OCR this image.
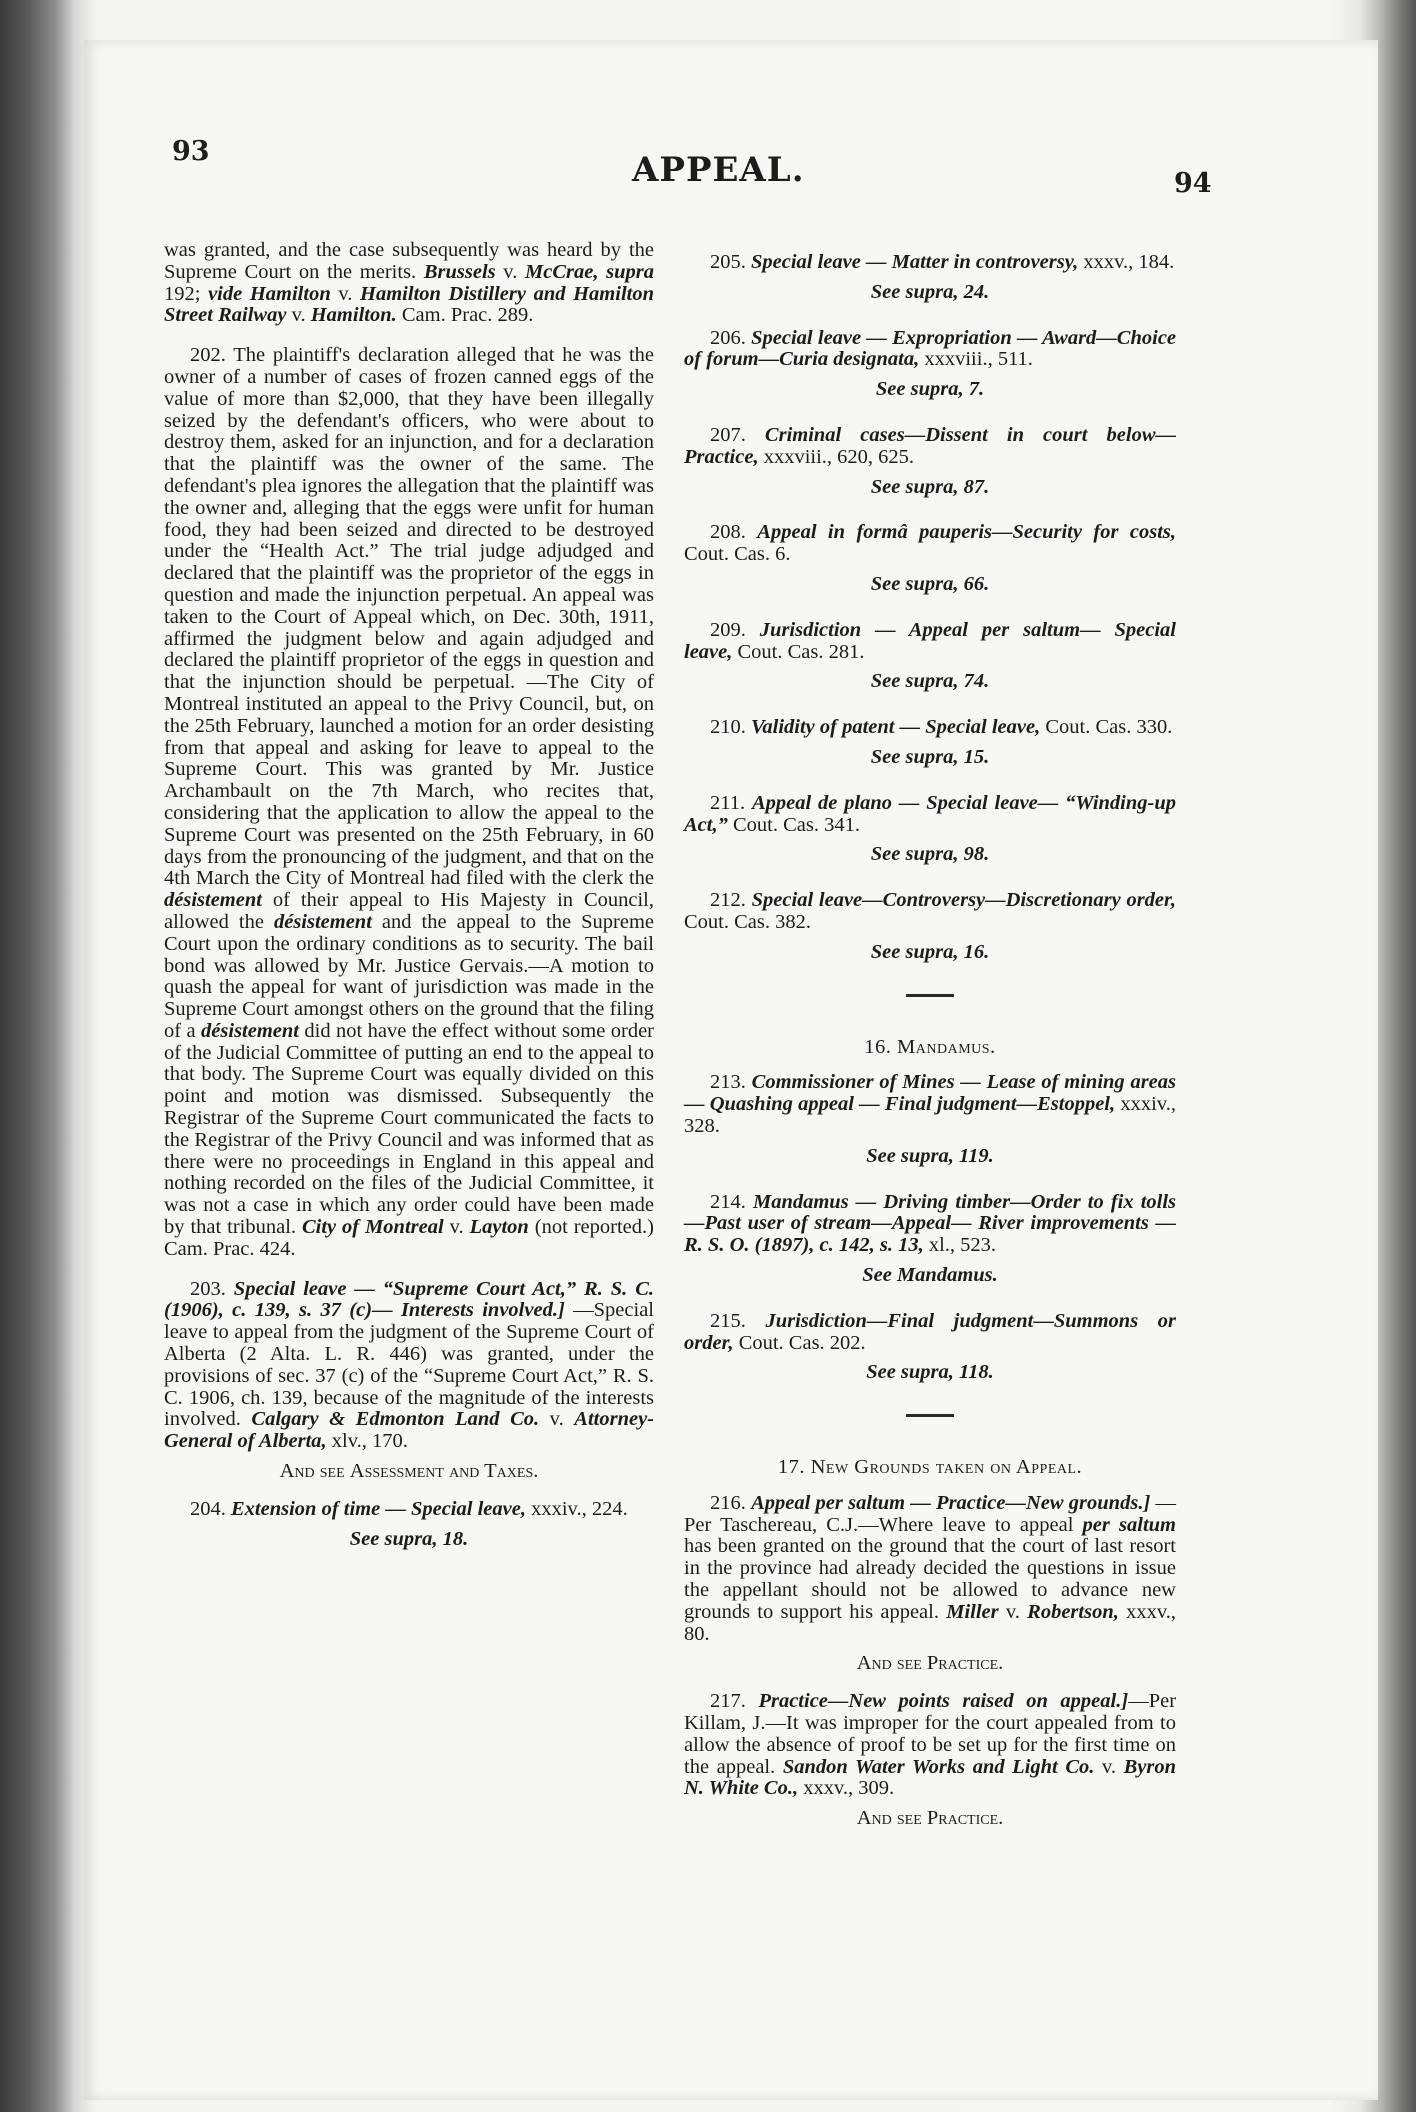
93	APPEAL.	94

was granted, and the case subsequently was heard by the Supreme Court on the merits. Brussels v. McCrae, supra 192; vide Hamilton v. Hamilton Distillery and Hamilton Street Railway v. Hamilton. Cam. Prac. 289.

202. The plaintiff's declaration alleged that he was the owner of a number of cases of frozen canned eggs of the value of more than $2,000, that they have been illegally seized by the defendant's officers, who were about to destroy them, asked for an injunction, and for a declaration that the plaintiff was the owner of the same. The defendant's plea ignores the allegation that the plaintiff was the owner and, alleging that the eggs were unfit for human food, they had been seized and directed to be destroyed under the “Health Act.” The trial judge adjudged and declared that the plaintiff was the proprietor of the eggs in question and made the injunction perpetual. An appeal was taken to the Court of Appeal which, on Dec. 30th, 1911, affirmed the judgment below and again adjudged and declared the plaintiff proprietor of the eggs in question and that the injunction should be perpetual. —The City of Montreal instituted an appeal to the Privy Council, but, on the 25th February, launched a motion for an order desisting from that appeal and asking for leave to appeal to the Supreme Court. This was granted by Mr. Justice Archambault on the 7th March, who recites that, considering that the application to allow the appeal to the Supreme Court was presented on the 25th February, in 60 days from the pronouncing of the judgment, and that on the 4th March the City of Montreal had filed with the clerk the désistement of their appeal to His Majesty in Council, allowed the désistement and the appeal to the Supreme Court upon the ordinary conditions as to security. The bail bond was allowed by Mr. Justice Gervais.—A motion to quash the appeal for want of jurisdiction was made in the Supreme Court amongst others on the ground that the filing of a désistement did not have the effect without some order of the Judicial Committee of putting an end to the appeal to that body. The Supreme Court was equally divided on this point and motion was dismissed. Subsequently the Registrar of the Supreme Court communicated the facts to the Registrar of the Privy Council and was informed that as there were no proceedings in England in this appeal and nothing recorded on the files of the Judicial Committee, it was not a case in which any order could have been made by that tribunal. City of Montreal v. Layton (not reported.) Cam. Prac. 424.

203. Special leave — “Supreme Court Act,” R. S. C. (1906), c. 139, s. 37 (c)— Interests involved.] —Special leave to appeal from the judgment of the Supreme Court of Alberta (2 Alta. L. R. 446) was granted, under the provisions of sec. 37 (c) of the “Supreme Court Act,” R. S. C. 1906, ch. 139, because of the magnitude of the interests involved. Calgary & Edmonton Land Co. v. Attorney-General of Alberta, xlv., 170.

And see Assessment and Taxes.

204. Extension of time — Special leave, xxxiv., 224.

See supra, 18.

205. Special leave — Matter in controversy, xxxv., 184.

See supra, 24.

206. Special leave — Expropriation — Award—Choice of forum—Curia designata, xxxviii., 511.

See supra, 7.

207. Criminal cases—Dissent in court below—Practice, xxxviii., 620, 625.

See supra, 87.

208. Appeal in formâ pauperis—Security for costs, Cout. Cas. 6.

See supra, 66.

209. Jurisdiction — Appeal per saltum— Special leave, Cout. Cas. 281.

See supra, 74.

210. Validity of patent — Special leave, Cout. Cas. 330.

See supra, 15.

211. Appeal de plano — Special leave— “Winding-up Act,” Cout. Cas. 341.

See supra, 98.

212. Special leave—Controversy—Discretionary order, Cout. Cas. 382.

See supra, 16.

16. Mandamus.

213. Commissioner of Mines — Lease of mining areas — Quashing appeal — Final judgment—Estoppel, xxxiv., 328.

See supra, 119.

214. Mandamus — Driving timber—Order to fix tolls—Past user of stream—Appeal— River improvements — R. S. O. (1897), c. 142, s. 13, xl., 523.

See Mandamus.

215. Jurisdiction—Final judgment—Summons or order, Cout. Cas. 202.

See supra, 118.

17. New Grounds taken on Appeal.

216. Appeal per saltum — Practice—New grounds.] — Per Taschereau, C.J.—Where leave to appeal per saltum has been granted on the ground that the court of last resort in the province had already decided the questions in issue the appellant should not be allowed to advance new grounds to support his appeal. Miller v. Robertson, xxxv., 80.

And see Practice.

217. Practice—New points raised on appeal.]—Per Killam, J.—It was improper for the court appealed from to allow the absence of proof to be set up for the first time on the appeal. Sandon Water Works and Light Co. v. Byron N. White Co., xxxv., 309.

And see Practice.
